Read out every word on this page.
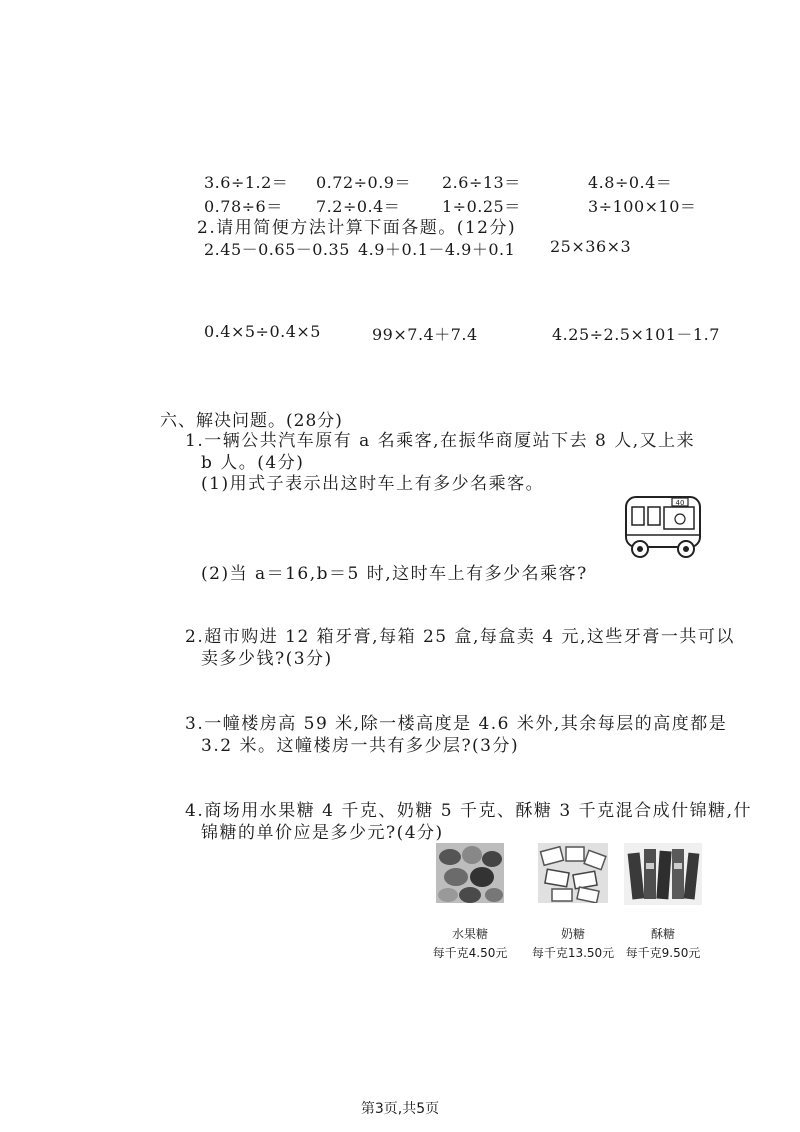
3.6÷1.2＝ 0.72÷0.9＝ 2.6÷13＝	4.8÷0.4＝
0.78÷6＝ 7.2÷0.4＝	1÷0.25＝	3÷100×10＝
2.请用简便方法计算下面各题。(12分)
2.45－0.65－0.35 4.9＋0.1－4.9＋0.1 25×36×3
0.4×5÷0.4×5	99×7.4＋7.4	4.25÷2.5×101－1.7
六、解决问题。(28分)
1.一辆公共汽车原有 a 名乘客,在振华商厦站下去 8 人,又上来
b 人。(4分)
(1)用式子表示出这时车上有多少名乘客。
(2)当 a＝16,b＝5 时,这时车上有多少名乘客?
40
2.超市购进 12 箱牙膏,每箱 25 盒,每盒卖 4 元,这些牙膏一共可以
卖多少钱?(3分)
3.一幢楼房高 59 米,除一楼高度是 4.6 米外,其余每层的高度都是
3.2 米。这幢楼房一共有多少层?(3分)
4.商场用水果糖 4 千克、奶糖 5 千克、酥糖 3 千克混合成什锦糖,什
锦糖的单价应是多少元?(4分)
水果糖
每千克4.50元
奶糖
每千克13.50元
酥糖
每千克9.50元
第3页,共5页
